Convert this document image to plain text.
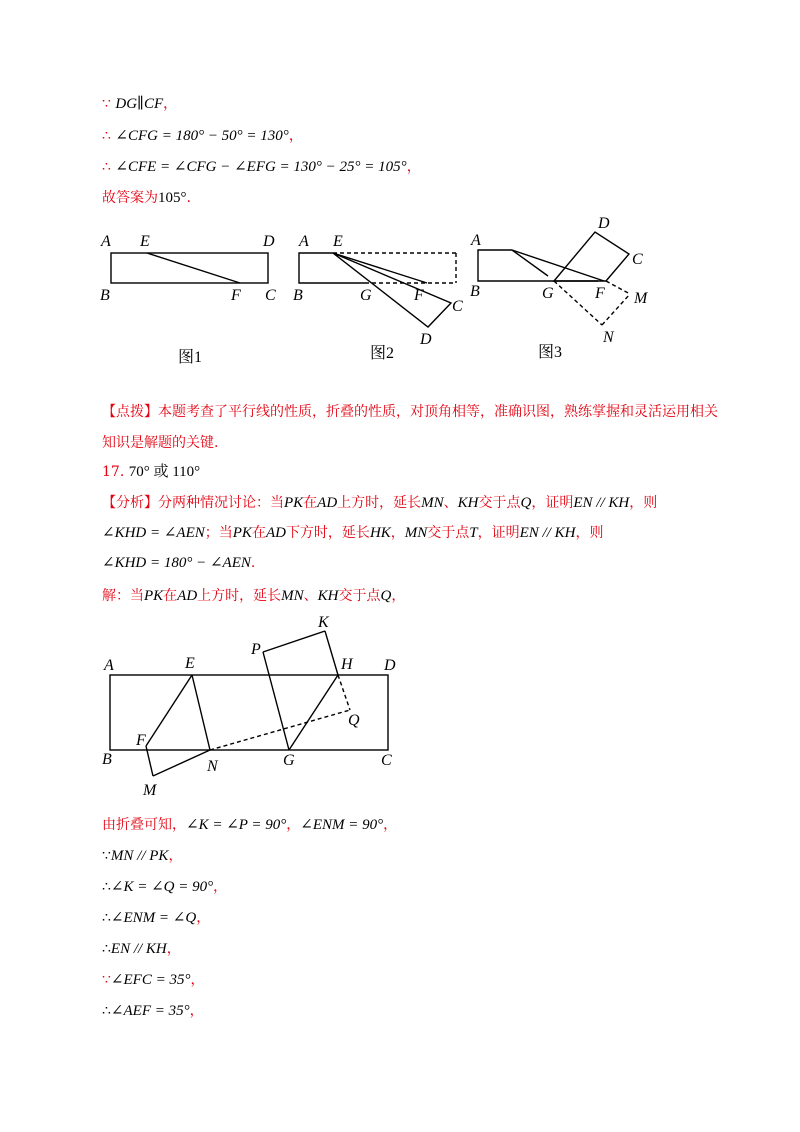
∵ DG∥CF，
∴ ∠CFG = 180° − 50° = 130°，
∴ ∠CFE = ∠CFG − ∠EFG = 130° − 25° = 105°，
故答案为105°.
A E	D
B	F C
图1
A E
B	G	F
C
D
图2
A
D
C
B	G	F M
N
图3
A	E
P
K
H D
Q
F
B	N	G	C
M
【点拨】本题考查了平行线的性质，折叠的性质，对顶角相等，准确识图，熟练掌握和灵活运用相关
知识是解题的关键.
17. 70° 或 110°
【分析】分两种情况讨论：当PK在AD上方时，延长MN、KH交于点Q，证明EN // KH，则
∠KHD = ∠AEN；当PK在AD下方时，延长HK，MN交于点T，证明EN // KH，则
∠KHD = 180° − ∠AEN.
解：当PK在AD上方时，延长MN、KH交于点Q，
由折叠可知，∠K = ∠P = 90°，∠ENM = 90°，
∵MN // PK，
∴∠K = ∠Q = 90°，
∴∠ENM = ∠Q，
∴EN // KH，
∵∠EFC = 35°，
∴∠AEF = 35°，
